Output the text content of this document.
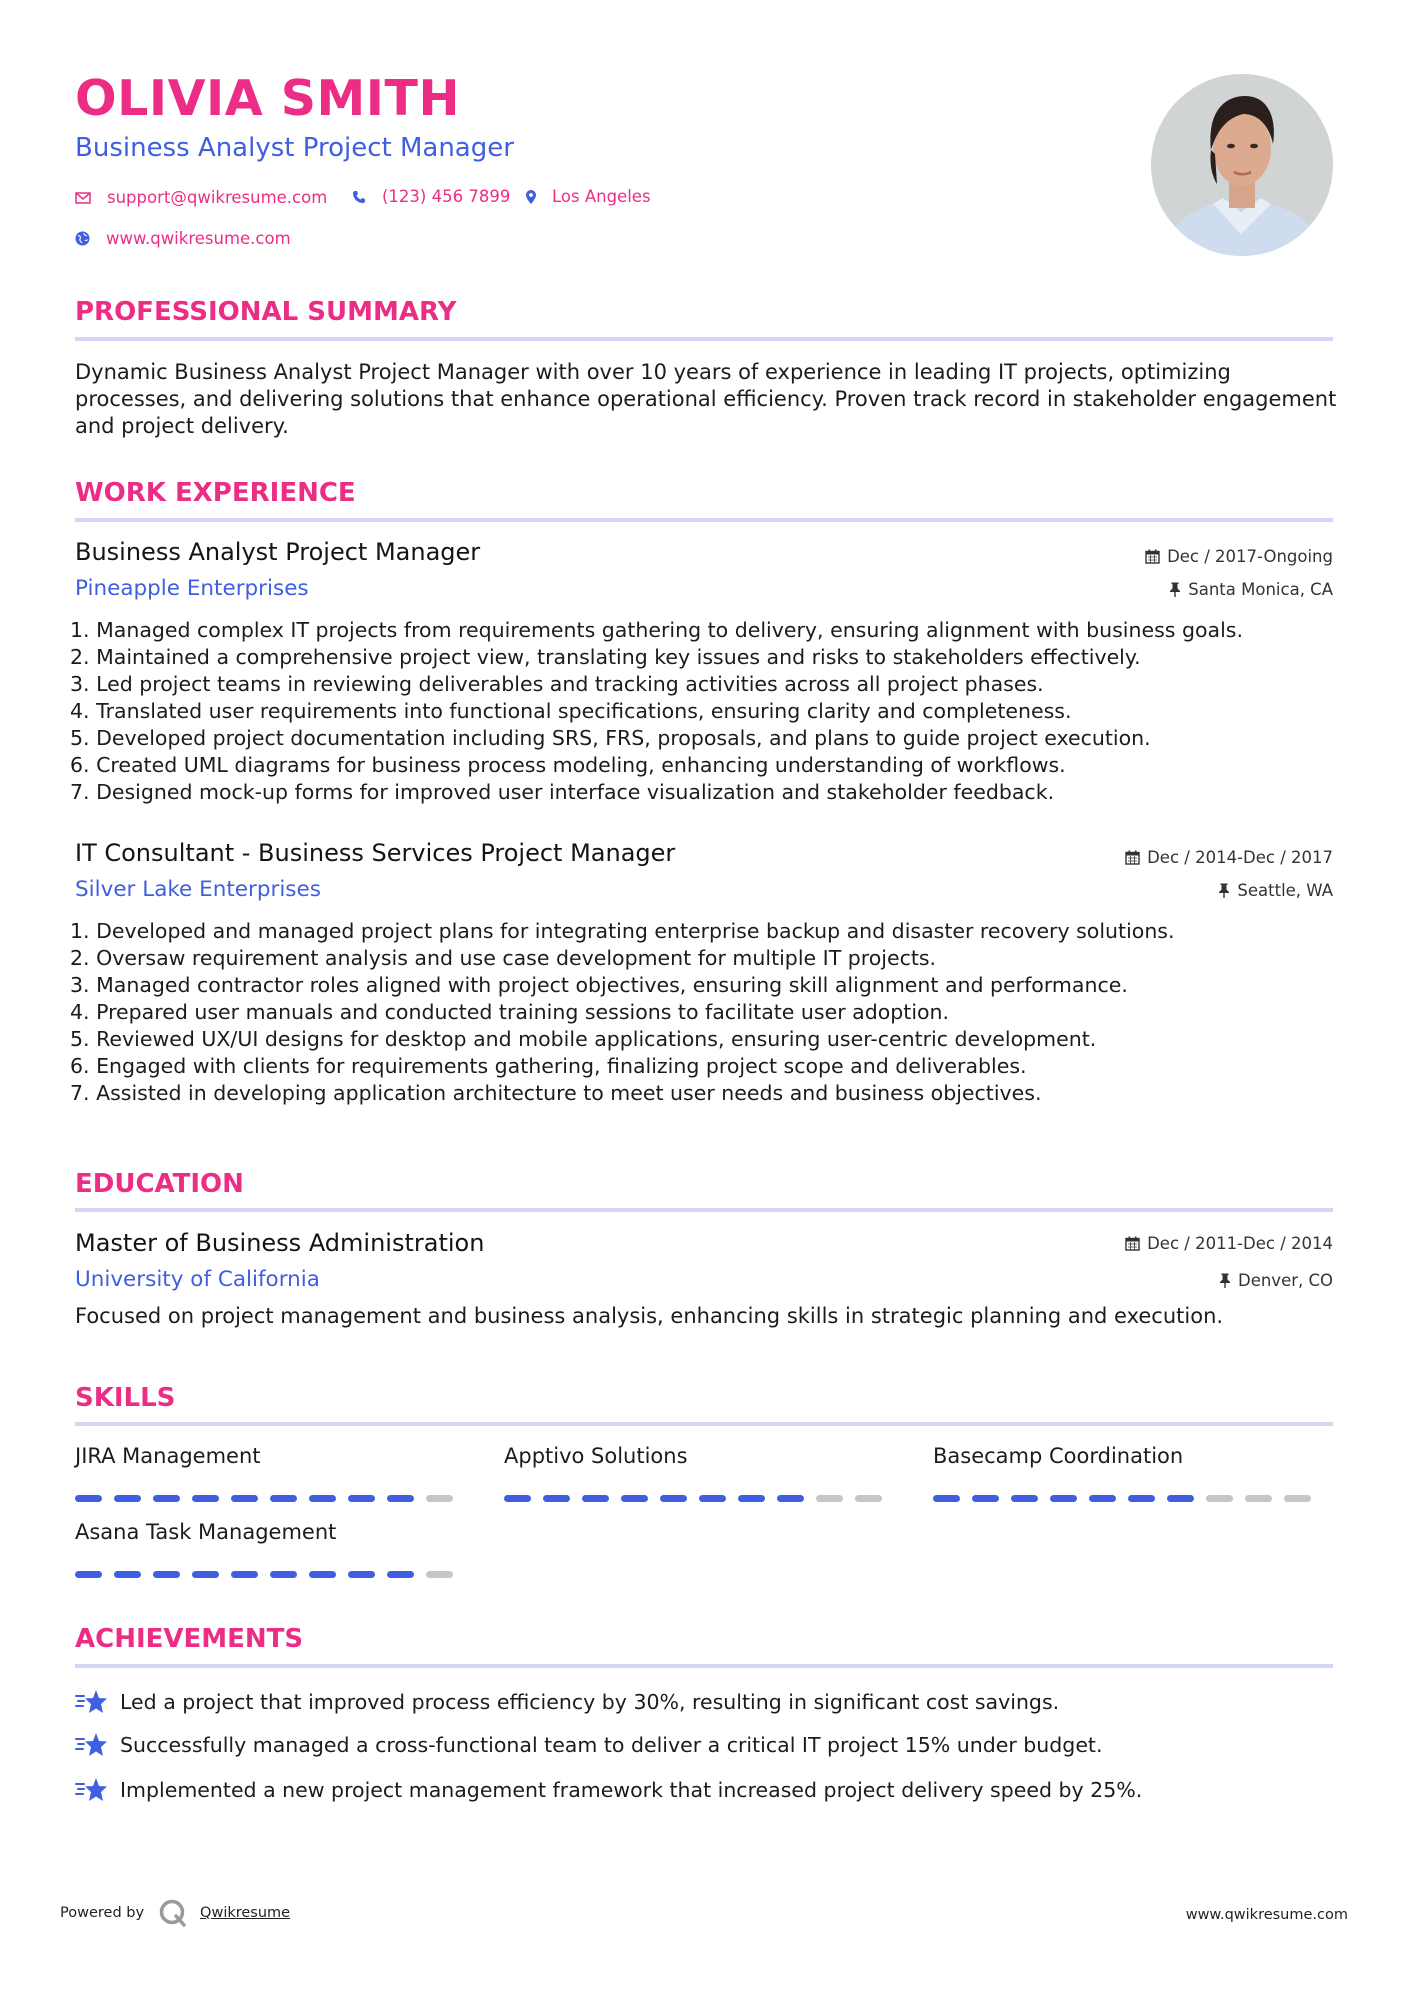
OLIVIA SMITH
Business Analyst Project Manager
support@qwikresume.com	(123) 456 7899	Los Angeles
www.qwikresume.com
PROFESSIONAL SUMMARY
Dynamic Business Analyst Project Manager with over 10 years of experience in leading IT projects, optimizing processes, and delivering solutions that enhance operational efficiency. Proven track record in stakeholder engagement and project delivery.
WORK EXPERIENCE
Business Analyst Project Manager	Dec / 2017-Ongoing
Pineapple Enterprises	Santa Monica, CA
1. Managed complex IT projects from requirements gathering to delivery, ensuring alignment with business goals.
2. Maintained a comprehensive project view, translating key issues and risks to stakeholders effectively.
3. Led project teams in reviewing deliverables and tracking activities across all project phases.
4. Translated user requirements into functional specifications, ensuring clarity and completeness.
5. Developed project documentation including SRS, FRS, proposals, and plans to guide project execution.
6. Created UML diagrams for business process modeling, enhancing understanding of workflows.
7. Designed mock-up forms for improved user interface visualization and stakeholder feedback.
IT Consultant - Business Services Project Manager	Dec / 2014-Dec / 2017
Silver Lake Enterprises	Seattle, WA
1. Developed and managed project plans for integrating enterprise backup and disaster recovery solutions.
2. Oversaw requirement analysis and use case development for multiple IT projects.
3. Managed contractor roles aligned with project objectives, ensuring skill alignment and performance.
4. Prepared user manuals and conducted training sessions to facilitate user adoption.
5. Reviewed UX/UI designs for desktop and mobile applications, ensuring user-centric development.
6. Engaged with clients for requirements gathering, finalizing project scope and deliverables.
7. Assisted in developing application architecture to meet user needs and business objectives.
EDUCATION
Master of Business Administration	Dec / 2011-Dec / 2014
University of California	Denver, CO
Focused on project management and business analysis, enhancing skills in strategic planning and execution.
SKILLS
JIRA Management	Apptivo Solutions	Basecamp Coordination
Asana Task Management
ACHIEVEMENTS
Led a project that improved process efficiency by 30%, resulting in significant cost savings.
Successfully managed a cross-functional team to deliver a critical IT project 15% under budget.
Implemented a new project management framework that increased project delivery speed by 25%.
Powered by	Qwikresume	www.qwikresume.com
